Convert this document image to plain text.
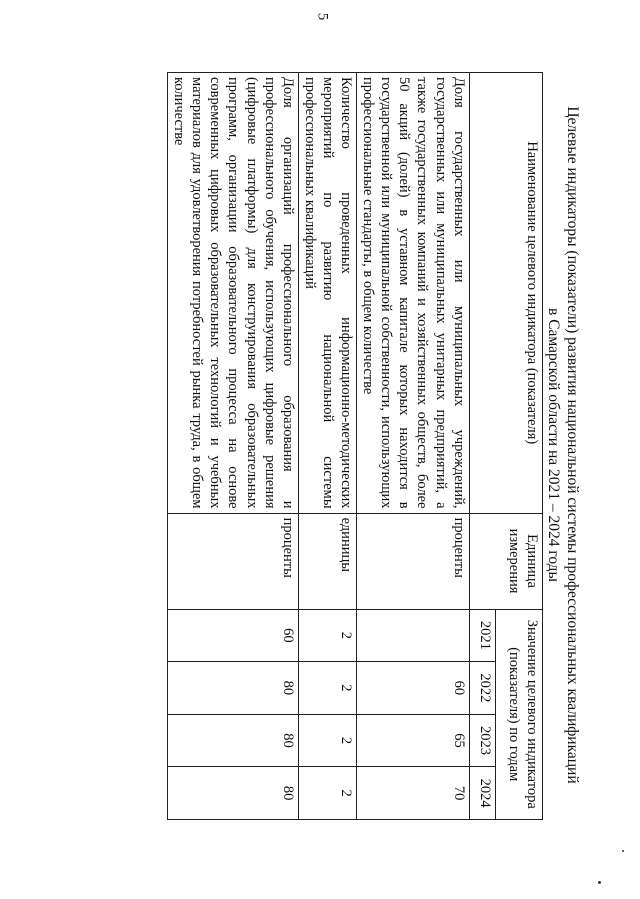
5
Целевые индикаторы (показатели) развития национальной системы профессиональных квалификаций
в Самарской области на 2021 – 2024 годы
Наименование целевого индикатора (показателя)	Единица измерения	Значение целевого индикатора (показателя) по годам			
		2021	2022	2023	2024
Доля государственных или муниципальных учреждений, государственных или муниципальных унитарных предприятий, а также государственных компаний и хозяйственных обществ, более 50 акций (долей) в уставном капитале которых находится в государственной или муниципальной собственности, использующих профессиональные стандарты, в общем количестве	проценты		60	65	70
Количество проведенных информационно-методических мероприятий по развитию национальной системы профессиональных квалификаций	единицы	2	2	2	2
Доля организаций профессионального образования и профессионального обучения, использующих цифровые решения (цифровые платформы) для конструирования образовательных программ, организации образовательного процесса на основе современных цифровых образовательных технологий и учебных материалов для удовлетворения потребностей рынка труда, в общем количестве	проценты	60	80	80	80
